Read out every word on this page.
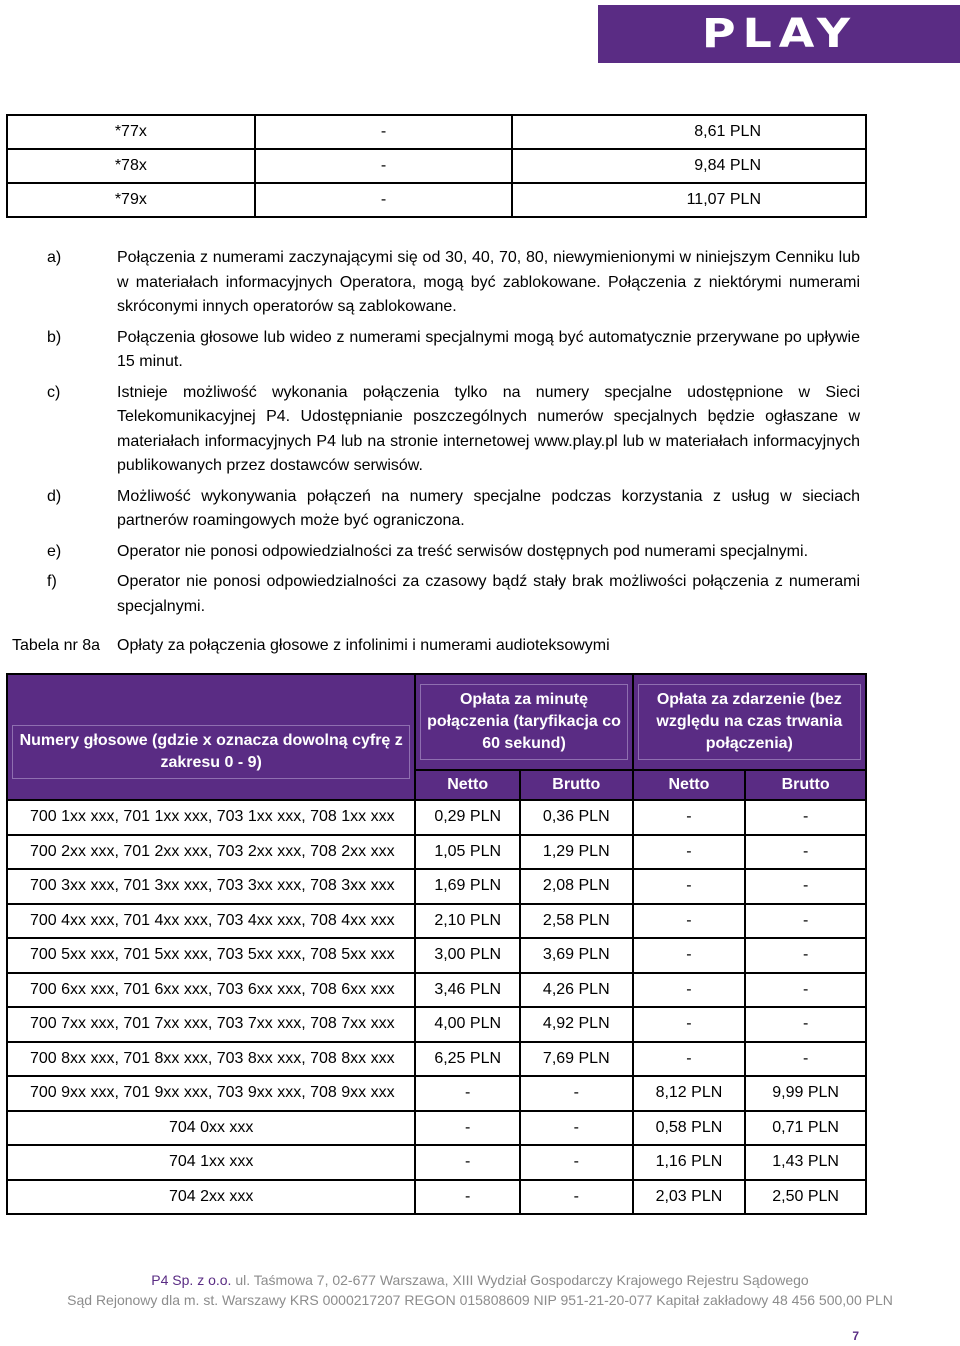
PLAY
*77x	-	8,61 PLN
*78x	-	9,84 PLN
*79x	-	11,07 PLN
a)	Połączenia z numerami zaczynającymi się od 30, 40, 70, 80, niewymienionymi w niniejszym Cenniku lub w materiałach informacyjnych Operatora, mogą być zablokowane. Połączenia z niektórymi numerami skróconymi innych operatorów są zablokowane.
b)	Połączenia głosowe lub wideo z numerami specjalnymi mogą być automatycznie przerywane po upływie 15 minut.
c)	Istnieje możliwość wykonania połączenia tylko na numery specjalne udostępnione w Sieci Telekomunikacyjnej P4. Udostępnianie poszczególnych numerów specjalnych będzie ogłaszane w materiałach informacyjnych P4 lub na stronie internetowej www.play.pl lub w materiałach informacyjnych publikowanych przez dostawców serwisów.
d)	Możliwość wykonywania połączeń na numery specjalne podczas korzystania z usług w sieciach partnerów roamingowych może być ograniczona.
e)	Operator nie ponosi odpowiedzialności za treść serwisów dostępnych pod numerami specjalnymi.
f)	Operator nie ponosi odpowiedzialności za czasowy bądź stały brak możliwości połączenia z numerami specjalnymi.
Tabela nr 8a	Opłaty za połączenia głosowe z infolinimi i numerami audioteksowymi
Numery głosowe (gdzie x oznacza dowolną cyfrę z zakresu 0 - 9)	Opłata za minutę połączenia (taryfikacja co 60 sekund)		Opłata za zdarzenie (bez względu na czas trwania połączenia)	

	Netto	Brutto	Netto	Brutto
700 1xx xxx, 701 1xx xxx, 703 1xx xxx, 708 1xx xxx	0,29 PLN	0,36 PLN	-	-
700 2xx xxx, 701 2xx xxx, 703 2xx xxx, 708 2xx xxx	1,05 PLN	1,29 PLN	-	-
700 3xx xxx, 701 3xx xxx, 703 3xx xxx, 708 3xx xxx	1,69 PLN	2,08 PLN	-	-
700 4xx xxx, 701 4xx xxx, 703 4xx xxx, 708 4xx xxx	2,10 PLN	2,58 PLN	-	-
700 5xx xxx, 701 5xx xxx, 703 5xx xxx, 708 5xx xxx	3,00 PLN	3,69 PLN	-	-
700 6xx xxx, 701 6xx xxx, 703 6xx xxx, 708 6xx xxx	3,46 PLN	4,26 PLN	-	-
700 7xx xxx, 701 7xx xxx, 703 7xx xxx, 708 7xx xxx	4,00 PLN	4,92 PLN	-	-
700 8xx xxx, 701 8xx xxx, 703 8xx xxx, 708 8xx xxx	6,25 PLN	7,69 PLN	-	-
700 9xx xxx, 701 9xx xxx, 703 9xx xxx, 708 9xx xxx	-	-	8,12 PLN	9,99 PLN
704 0xx xxx	-	-	0,58 PLN	0,71 PLN
704 1xx xxx	-	-	1,16 PLN	1,43 PLN
704 2xx xxx	-	-	2,03 PLN	2,50 PLN
P4 Sp. z o.o. ul. Taśmowa 7, 02-677 Warszawa, XIII Wydział Gospodarczy Krajowego Rejestru Sądowego
Sąd Rejonowy dla m. st. Warszawy KRS 0000217207 REGON 015808609 NIP 951-21-20-077 Kapitał zakładowy 48 456 500,00 PLN
7
